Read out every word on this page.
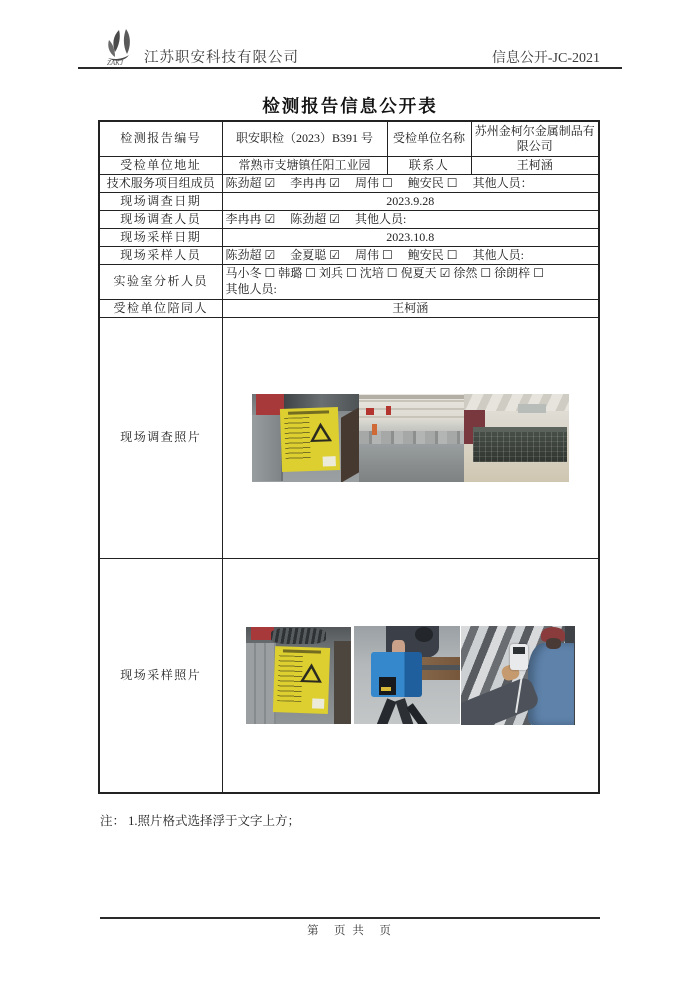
ZAKJ 江苏职安科技有限公司	信息公开-JC-2021
检测报告信息公开表
检测报告编号	职安职检（2023）B391 号	受检单位名称	苏州金柯尔金属制品有限公司
受检单位地址	常熟市支塘镇任阳工业园	联系人	王柯涵
技术服务项目组成员	陈劲超 ☑ 李冉冉 ☑ 周伟 ☐ 鲍安民 ☐ 其他人员：		
现场调查日期	2023.9.28		
现场调查人员	李冉冉 ☑ 陈劲超 ☑ 其他人员:		
现场采样日期	2023.10.8		
现场采样人员	陈劲超 ☑ 金夏聪 ☑ 周伟 ☐ 鲍安民 ☐ 其他人员:		
实验室分析人员	马小冬 ☐ 韩璐 ☐ 刘兵 ☐ 沈培 ☐ 倪夏天 ☑ 徐然 ☐ 徐朗梓 ☐
其他人员:		

受检单位陪同人	王柯涵		
现场调查照片			

现场采样照片			
注： 1.照片格式选择浮于文字上方；
第　页 共　页
